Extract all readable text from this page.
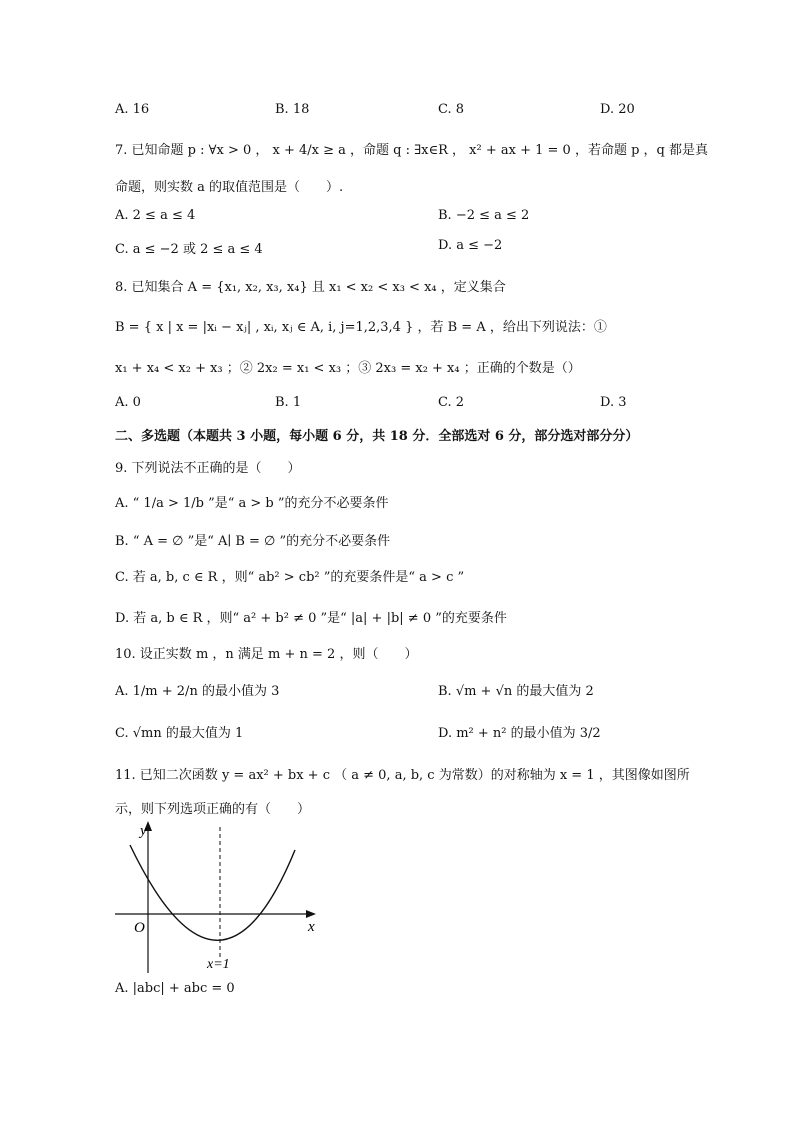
A. 16	B. 18	C. 8	D. 20
7. 已知命题 p : ∀x > 0 ， x + 4/x ≥ a ，命题 q : ∃x∈R ， x² + ax + 1 = 0 ，若命题 p ，q 都是真
命题，则实数 a 的取值范围是（　　）.
A. 2 ≤ a ≤ 4	B. −2 ≤ a ≤ 2
C. a ≤ −2 或 2 ≤ a ≤ 4	D. a ≤ −2
8. 已知集合 A = {x₁, x₂, x₃, x₄} 且 x₁ < x₂ < x₃ < x₄ ，定义集合
B = { x | x = |xᵢ − xⱼ| , xᵢ, xⱼ ∈ A, i, j=1,2,3,4 } ，若 B = A ，给出下列说法：①
x₁ + x₄ < x₂ + x₃ ；② 2x₂ = x₁ < x₃ ；③ 2x₃ = x₂ + x₄ ；正确的个数是（）
A. 0	B. 1	C. 2	D. 3
二、多选题（本题共 3 小题，每小题 6 分，共 18 分．全部选对 6 分，部分选对部分分）
9. 下列说法不正确的是（　　）
A. “ 1/a > 1/b ”是“ a > b ”的充分不必要条件
B. “ A = ∅ ”是“ A∣ B = ∅ ”的充分不必要条件
C. 若 a, b, c ∈ R ，则“ ab² > cb² ”的充要条件是“ a > c ”
D. 若 a, b ∈ R ，则“ a² + b² ≠ 0 ”是“ |a| + |b| ≠ 0 ”的充要条件
10. 设正实数 m ，n 满足 m + n = 2 ，则（　　）
A. 1/m + 2/n 的最小值为 3	B. √m + √n 的最大值为 2
C. √mn 的最大值为 1	D. m² + n² 的最小值为 3/2
11. 已知二次函数 y = ax² + bx + c （ a ≠ 0, a, b, c 为常数）的对称轴为 x = 1 ，其图像如图所
示，则下列选项正确的有（　　）
y
x
O
x=1
A. |abc| + abc = 0
